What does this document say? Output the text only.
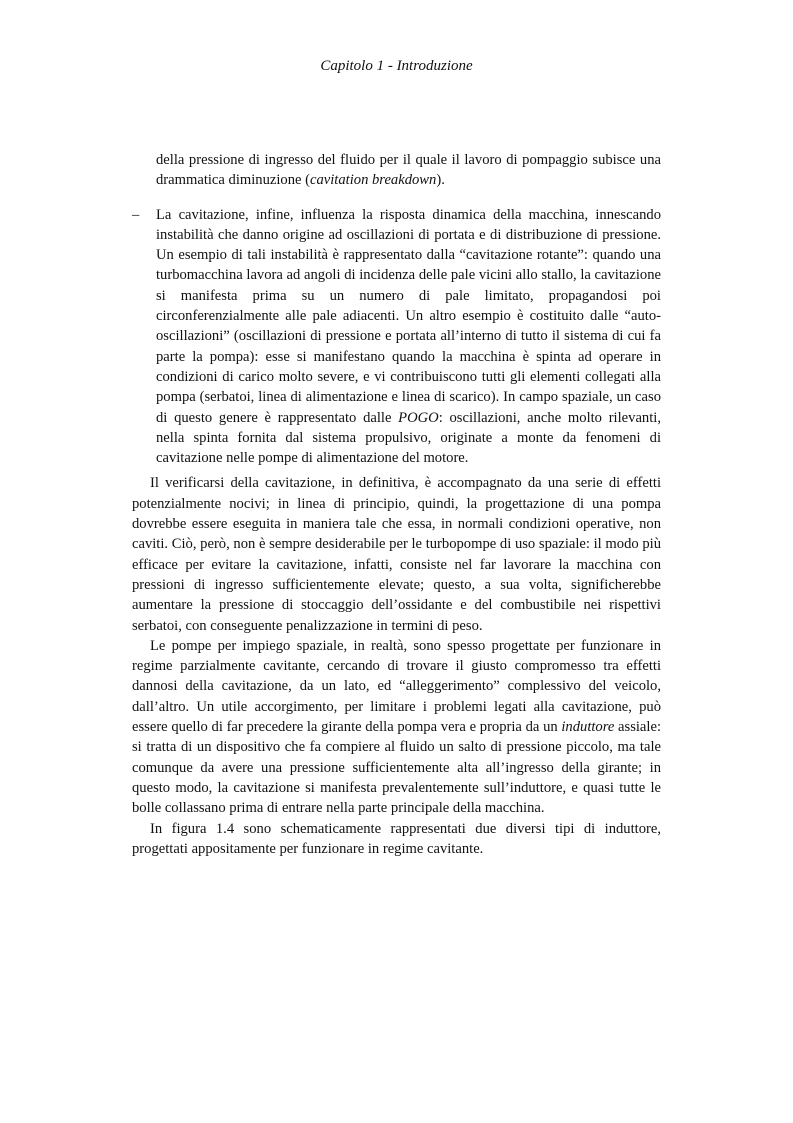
Capitolo 1 - Introduzione

della pressione di ingresso del fluido per il quale il lavoro di pompaggio subisce una drammatica diminuzione (cavitation breakdown).

– La cavitazione, infine, influenza la risposta dinamica della macchina, innescando instabilità che danno origine ad oscillazioni di portata e di distribuzione di pressione. Un esempio di tali instabilità è rappresentato dalla “cavitazione rotante”: quando una turbomacchina lavora ad angoli di incidenza delle pale vicini allo stallo, la cavitazione si manifesta prima su un numero di pale limitato, propagandosi poi circonferenzialmente alle pale adiacenti. Un altro esempio è costituito dalle “auto-oscillazioni” (oscillazioni di pressione e portata all’interno di tutto il sistema di cui fa parte la pompa): esse si manifestano quando la macchina è spinta ad operare in condizioni di carico molto severe, e vi contribuiscono tutti gli elementi collegati alla pompa (serbatoi, linea di alimentazione e linea di scarico). In campo spaziale, un caso di questo genere è rappresentato dalle POGO: oscillazioni, anche molto rilevanti, nella spinta fornita dal sistema propulsivo, originate a monte da fenomeni di cavitazione nelle pompe di alimentazione del motore.

Il verificarsi della cavitazione, in definitiva, è accompagnato da una serie di effetti potenzialmente nocivi; in linea di principio, quindi, la progettazione di una pompa dovrebbe essere eseguita in maniera tale che essa, in normali condizioni operative, non caviti. Ciò, però, non è sempre desiderabile per le turbopompe di uso spaziale: il modo più efficace per evitare la cavitazione, infatti, consiste nel far lavorare la macchina con pressioni di ingresso sufficientemente elevate; questo, a sua volta, significherebbe aumentare la pressione di stoccaggio dell’ossidante e del combustibile nei rispettivi serbatoi, con conseguente penalizzazione in termini di peso.

Le pompe per impiego spaziale, in realtà, sono spesso progettate per funzionare in regime parzialmente cavitante, cercando di trovare il giusto compromesso tra effetti dannosi della cavitazione, da un lato, ed “alleggerimento” complessivo del veicolo, dall’altro. Un utile accorgimento, per limitare i problemi legati alla cavitazione, può essere quello di far precedere la girante della pompa vera e propria da un induttore assiale: si tratta di un dispositivo che fa compiere al fluido un salto di pressione piccolo, ma tale comunque da avere una pressione sufficientemente alta all’ingresso della girante; in questo modo, la cavitazione si manifesta prevalentemente sull’induttore, e quasi tutte le bolle collassano prima di entrare nella parte principale della macchina.

In figura 1.4 sono schematicamente rappresentati due diversi tipi di induttore, progettati appositamente per funzionare in regime cavitante.
